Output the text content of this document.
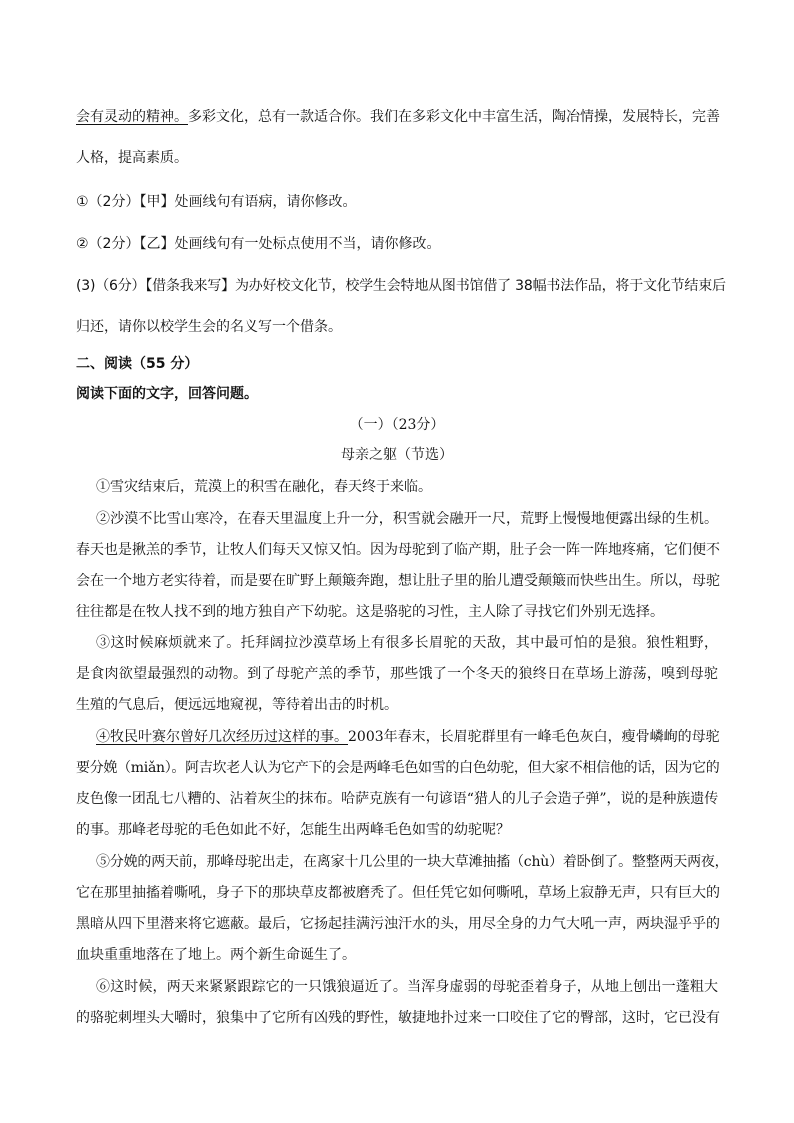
会有灵动的精神。多彩文化，总有一款适合你。我们在多彩文化中丰富生活，陶冶情操，发展特长，完善
人格，提高素质。
①（2分）【甲】处画线句有语病，请你修改。
②（2分）【乙】处画线句有一处标点使用不当，请你修改。
(3)（6分）【借条我来写】为办好校文化节，校学生会特地从图书馆借了 38幅书法作品，将于文化节结束后
归还，请你以校学生会的名义写一个借条。
二、阅读（55 分）
阅读下面的文字，回答问题。
（一）（23分）
母亲之躯（节选）
①雪灾结束后，荒漠上的积雪在融化，春天终于来临。
②沙漠不比雪山寒冷，在春天里温度上升一分，积雪就会融开一尺，荒野上慢慢地便露出绿的生机。
春天也是揪羔的季节，让牧人们每天又惊又怕。因为母驼到了临产期，肚子会一阵一阵地疼痛，它们便不
会在一个地方老实待着，而是要在旷野上颠簸奔跑，想让肚子里的胎儿遭受颠簸而快些出生。所以，母驼
往往都是在牧人找不到的地方独自产下幼驼。这是骆驼的习性，主人除了寻找它们外别无选择。
③这时候麻烦就来了。托拜阔拉沙漠草场上有很多长眉驼的天敌，其中最可怕的是狼。狼性粗野，
是食肉欲望最强烈的动物。到了母驼产羔的季节，那些饿了一个冬天的狼终日在草场上游荡，嗅到母驼
生殖的气息后，便远远地窥视，等待着出击的时机。
④牧民叶赛尔曾好几次经历过这样的事。2003年春末，长眉驼群里有一峰毛色灰白，瘦骨嶙峋的母驼
要分娩（miǎn）。阿吉坎老人认为它产下的会是两峰毛色如雪的白色幼驼，但大家不相信他的话，因为它的
皮色像一团乱七八糟的、沾着灰尘的抹布。哈萨克族有一句谚语“猎人的儿子会造子弹”，说的是种族遗传
的事。那峰老母驼的毛色如此不好，怎能生出两峰毛色如雪的幼驼呢？
⑤分娩的两天前，那峰母驼出走，在离家十几公里的一块大草滩抽搐（chù）着卧倒了。整整两天两夜，
它在那里抽搐着嘶吼，身子下的那块草皮都被磨秃了。但任凭它如何嘶吼，草场上寂静无声，只有巨大的
黑暗从四下里潜来将它遮蔽。最后，它扬起挂满污浊汗水的头，用尽全身的力气大吼一声，两块湿乎乎的
血块重重地落在了地上。两个新生命诞生了。
⑥这时候，两天来紧紧跟踪它的一只饿狼逼近了。当浑身虚弱的母驼歪着身子，从地上刨出一蓬粗大
的骆驼刺埋头大嚼时，狼集中了它所有凶残的野性，敏捷地扑过来一口咬住了它的臀部，这时，它已没有
